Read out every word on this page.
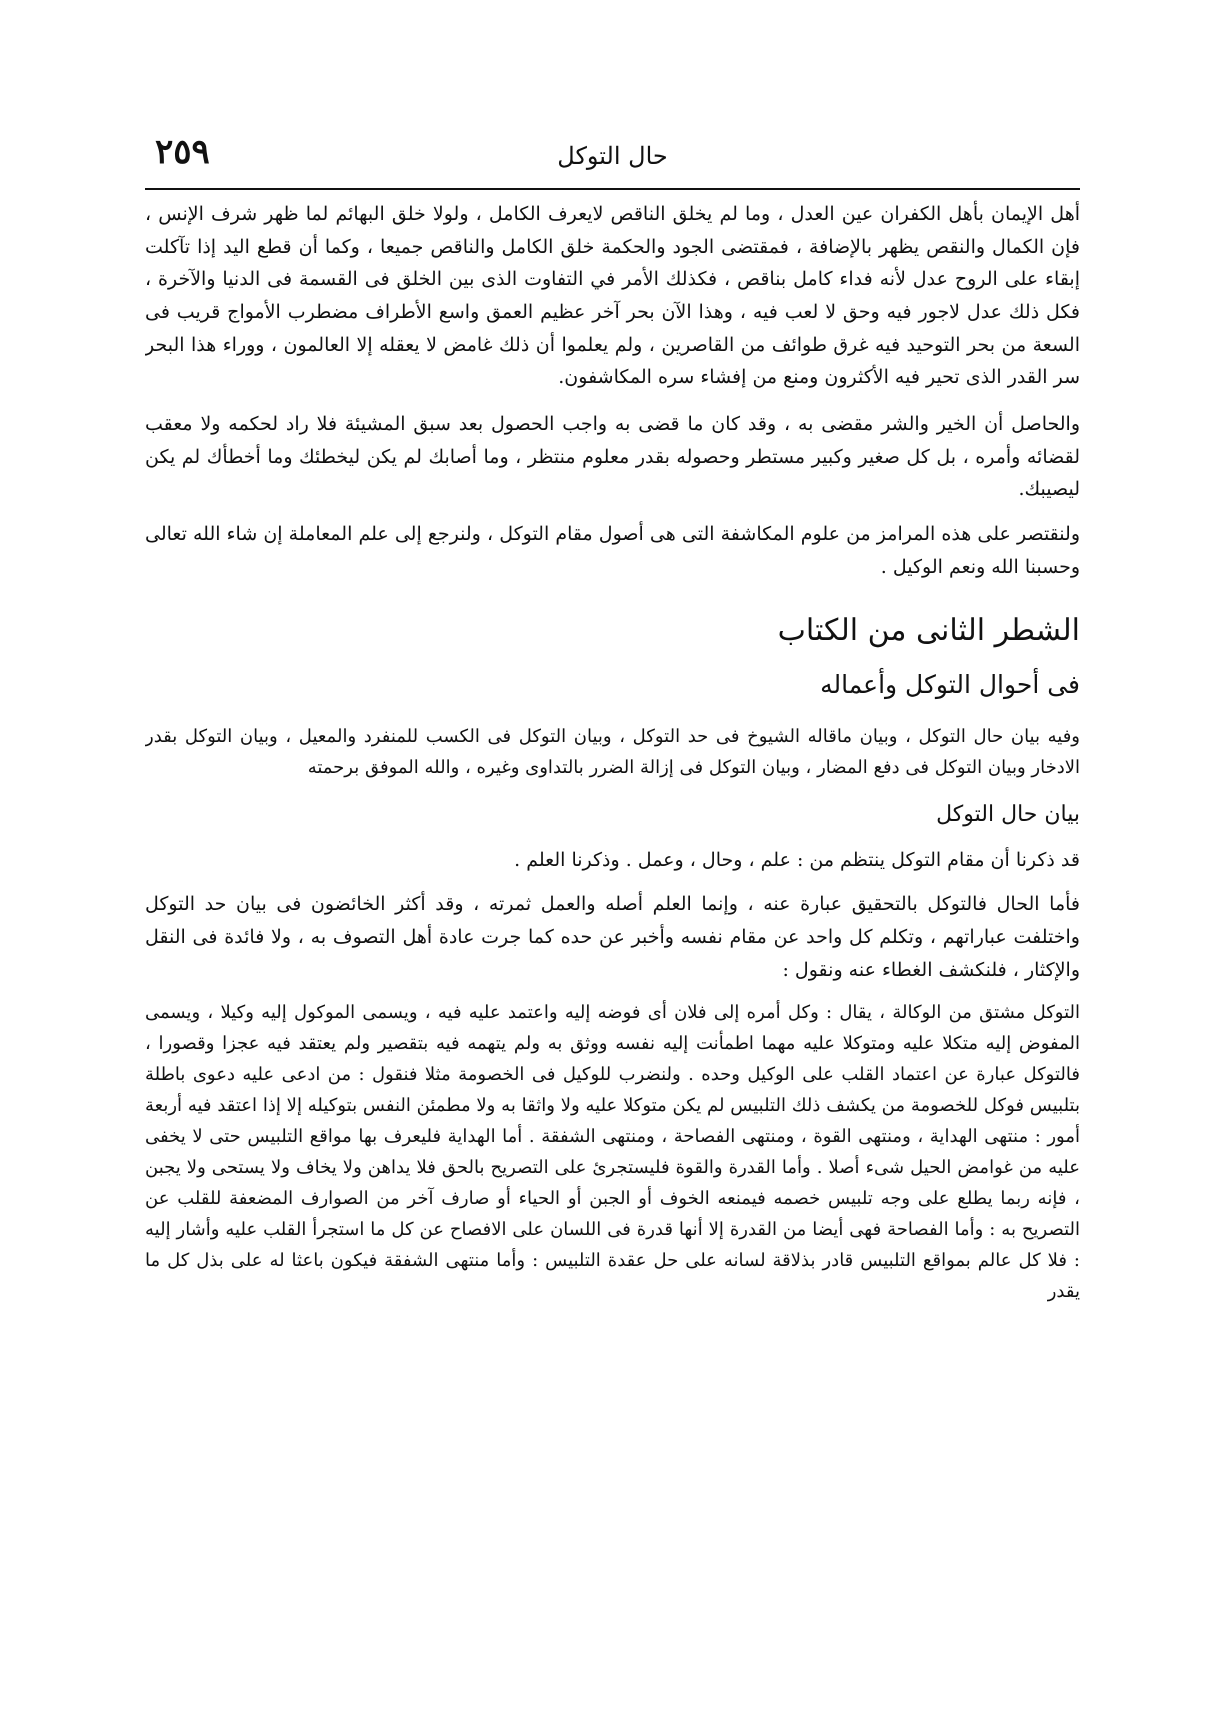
٢٥٩	حال التوكل

أهل الإيمان بأهل الكفران عين العدل ، وما لم يخلق الناقص لايعرف الكامل ، ولولا خلق البهائم لما ظهر شرف الإنس ، فإن الكمال والنقص يظهر بالإضافة ، فمقتضى الجود والحكمة خلق الكامل والناقص جميعا ، وكما أن قطع اليد إذا تآكلت إبقاء على الروح عدل لأنه فداء كامل بناقص ، فكذلك الأمر في التفاوت الذى بين الخلق فى القسمة فى الدنيا والآخرة ، فكل ذلك عدل لاجور فيه وحق لا لعب فيه ، وهذا الآن بحر آخر عظيم العمق واسع الأطراف مضطرب الأمواج قريب فى السعة من بحر التوحيد فيه غرق طوائف من القاصرين ، ولم يعلموا أن ذلك غامض لا يعقله إلا العالمون ، ووراء هذا البحر سر القدر الذى تحير فيه الأكثرون ومنع من إفشاء سره المكاشفون.

والحاصل أن الخير والشر مقضى به ، وقد كان ما قضى به واجب الحصول بعد سبق المشيئة فلا راد لحكمه ولا معقب لقضائه وأمره ، بل كل صغير وكبير مستطر وحصوله بقدر معلوم منتظر ، وما أصابك لم يكن ليخطئك وما أخطأك لم يكن ليصيبك.

ولنقتصر على هذه المرامز من علوم المكاشفة التى هى أصول مقام التوكل ، ولنرجع إلى علم المعاملة إن شاء الله تعالى وحسبنا الله ونعم الوكيل .

الشطر الثانى من الكتاب
فى أحوال التوكل وأعماله

وفيه بيان حال التوكل ، وبيان ماقاله الشيوخ فى حد التوكل ، وبيان التوكل فى الكسب للمنفرد والمعيل ، وبيان التوكل بقدر الادخار وبيان التوكل فى دفع المضار ، وبيان التوكل فى إزالة الضرر بالتداوى وغيره ، والله الموفق برحمته

بيان حال التوكل

قد ذكرنا أن مقام التوكل ينتظم من : علم ، وحال ، وعمل . وذكرنا العلم .

فأما الحال فالتوكل بالتحقيق عبارة عنه ، وإنما العلم أصله والعمل ثمرته ، وقد أكثر الخائضون فى بيان حد التوكل واختلفت عباراتهم ، وتكلم كل واحد عن مقام نفسه وأخبر عن حده كما جرت عادة أهل التصوف به ، ولا فائدة فى النقل والإكثار ، فلنكشف الغطاء عنه ونقول :

التوكل مشتق من الوكالة ، يقال : وكل أمره إلى فلان أى فوضه إليه واعتمد عليه فيه ، ويسمى الموكول إليه وكيلا ، ويسمى المفوض إليه متكلا عليه ومتوكلا عليه مهما اطمأنت إليه نفسه ووثق به ولم يتهمه فيه بتقصير ولم يعتقد فيه عجزا وقصورا ، فالتوكل عبارة عن اعتماد القلب على الوكيل وحده . ولنضرب للوكيل فى الخصومة مثلا فنقول : من ادعى عليه دعوى باطلة بتلبيس فوكل للخصومة من يكشف ذلك التلبيس لم يكن متوكلا عليه ولا واثقا به ولا مطمئن النفس بتوكيله إلا إذا اعتقد فيه أربعة أمور : منتهى الهداية ، ومنتهى القوة ، ومنتهى الفصاحة ، ومنتهى الشفقة . أما الهداية فليعرف بها مواقع التلبيس حتى لا يخفى عليه من غوامض الحيل شىء أصلا . وأما القدرة والقوة فليستجرئ على التصريح بالحق فلا يداهن ولا يخاف ولا يستحى ولا يجبن ، فإنه ربما يطلع على وجه تلبيس خصمه فيمنعه الخوف أو الجبن أو الحياء أو صارف آخر من الصوارف المضعفة للقلب عن التصريح به : وأما الفصاحة فهى أيضا من القدرة إلا أنها قدرة فى اللسان على الافصاح عن كل ما استجرأ القلب عليه وأشار إليه : فلا كل عالم بمواقع التلبيس قادر بذلاقة لسانه على حل عقدة التلبيس : وأما منتهى الشفقة فيكون باعثا له على بذل كل ما يقدر
